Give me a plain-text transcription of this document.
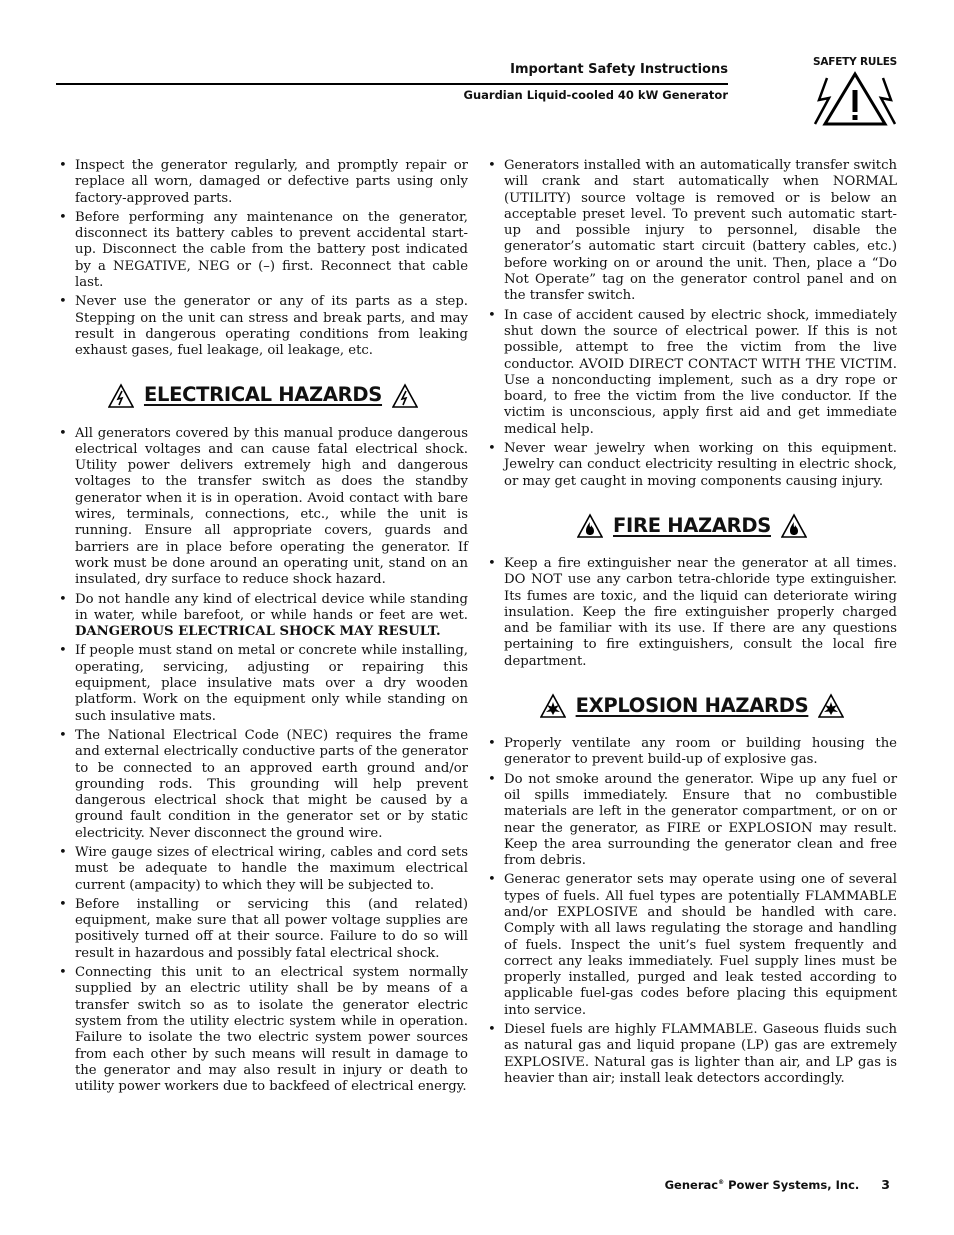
Important Safety Instructions
Guardian Liquid-cooled 40 kW Generator
SAFETY RULES
• Inspect the generator regularly, and promptly repair or replace all worn, damaged or defective parts using only factory-approved parts.
• Before performing any maintenance on the generator, disconnect its battery cables to prevent accidental start-up. Disconnect the cable from the battery post indicated by a NEGATIVE, NEG or (–) first. Reconnect that cable last.
• Never use the generator or any of its parts as a step. Stepping on the unit can stress and break parts, and may result in dangerous operating conditions from leaking exhaust gases, fuel leakage, oil leakage, etc.
ELECTRICAL HAZARDS
• All generators covered by this manual produce dangerous electrical voltages and can cause fatal electrical shock. Utility power delivers extremely high and dangerous voltages to the transfer switch as does the standby generator when it is in operation. Avoid contact with bare wires, terminals, connections, etc., while the unit is running. Ensure all appropriate covers, guards and barriers are in place before operating the generator. If work must be done around an operating unit, stand on an insulated, dry surface to reduce shock hazard.
• Do not handle any kind of electrical device while standing in water, while barefoot, or while hands or feet are wet. DANGEROUS ELECTRICAL SHOCK MAY RESULT.
• If people must stand on metal or concrete while installing, operating, servicing, adjusting or repairing this equipment, place insulative mats over a dry wooden platform. Work on the equipment only while standing on such insulative mats.
• The National Electrical Code (NEC) requires the frame and external electrically conductive parts of the generator to be connected to an approved earth ground and/or grounding rods. This grounding will help prevent dangerous electrical shock that might be caused by a ground fault condition in the generator set or by static electricity. Never disconnect the ground wire.
• Wire gauge sizes of electrical wiring, cables and cord sets must be adequate to handle the maximum electrical current (ampacity) to which they will be subjected to.
• Before installing or servicing this (and related) equipment, make sure that all power voltage supplies are positively turned off at their source. Failure to do so will result in hazardous and possibly fatal electrical shock.
• Connecting this unit to an electrical system normally supplied by an electric utility shall be by means of a transfer switch so as to isolate the generator electric system from the utility electric system while in operation. Failure to isolate the two electric system power sources from each other by such means will result in damage to the generator and may also result in injury or death to utility power workers due to backfeed of electrical energy.
• Generators installed with an automatically transfer switch will crank and start automatically when NORMAL (UTILITY) source voltage is removed or is below an acceptable preset level. To prevent such automatic start-up and possible injury to personnel, disable the generator’s automatic start circuit (battery cables, etc.) before working on or around the unit. Then, place a “Do Not Operate” tag on the generator control panel and on the transfer switch.
• In case of accident caused by electric shock, immediately shut down the source of electrical power. If this is not possible, attempt to free the victim from the live conductor. AVOID DIRECT CONTACT WITH THE VICTIM. Use a nonconducting implement, such as a dry rope or board, to free the victim from the live conductor. If the victim is unconscious, apply first aid and get immediate medical help.
• Never wear jewelry when working on this equipment. Jewelry can conduct electricity resulting in electric shock, or may get caught in moving components causing injury.
FIRE HAZARDS
• Keep a fire extinguisher near the generator at all times. DO NOT use any carbon tetra-chloride type extinguisher. Its fumes are toxic, and the liquid can deteriorate wiring insulation. Keep the fire extinguisher properly charged and be familiar with its use. If there are any questions pertaining to fire extinguishers, consult the local fire department.
EXPLOSION HAZARDS
• Properly ventilate any room or building housing the generator to prevent build-up of explosive gas.
• Do not smoke around the generator. Wipe up any fuel or oil spills immediately. Ensure that no combustible materials are left in the generator compartment, or on or near the generator, as FIRE or EXPLOSION may result. Keep the area surrounding the generator clean and free from debris.
• Generac generator sets may operate using one of several types of fuels. All fuel types are potentially FLAMMABLE and/or EXPLOSIVE and should be handled with care. Comply with all laws regulating the storage and handling of fuels. Inspect the unit’s fuel system frequently and correct any leaks immediately. Fuel supply lines must be properly installed, purged and leak tested according to applicable fuel-gas codes before placing this equipment into service.
• Diesel fuels are highly FLAMMABLE. Gaseous fluids such as natural gas and liquid propane (LP) gas are extremely EXPLOSIVE. Natural gas is lighter than air, and LP gas is heavier than air; install leak detectors accordingly.
Generac® Power Systems, Inc. 3
